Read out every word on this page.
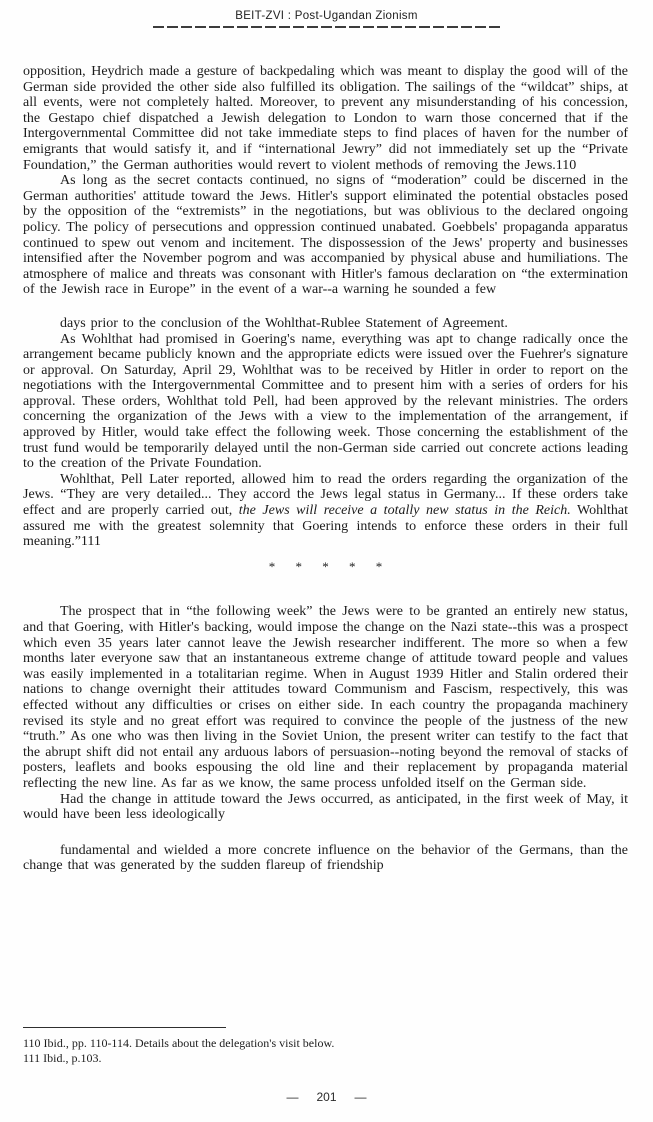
BEIT-ZVI : Post-Ugandan Zionism

opposition, Heydrich made a gesture of backpedaling which was meant to display the good will of the German side provided the other side also fulfilled its obligation. The sailings of the “wildcat” ships, at all events, were not completely halted. Moreover, to prevent any misunderstanding of his concession, the Gestapo chief dispatched a Jewish delegation to London to warn those concerned that if the Intergovernmental Committee did not take immediate steps to find places of haven for the number of emigrants that would satisfy it, and if “international Jewry” did not immediately set up the “Private Foundation,” the German authorities would revert to violent methods of removing the Jews.110

As long as the secret contacts continued, no signs of “moderation” could be discerned in the German authorities' attitude toward the Jews. Hitler's support eliminated the potential obstacles posed by the opposition of the “extremists” in the negotiations, but was oblivious to the declared ongoing policy. The policy of persecutions and oppression continued unabated. Goebbels' propaganda apparatus continued to spew out venom and incitement. The dispossession of the Jews' property and businesses intensified after the November pogrom and was accompanied by physical abuse and humiliations. The atmosphere of malice and threats was consonant with Hitler's famous declaration on “the extermination of the Jewish race in Europe” in the event of a war--a warning he sounded a few

days prior to the conclusion of the Wohlthat-Rublee Statement of Agreement.

As Wohlthat had promised in Goering's name, everything was apt to change radically once the arrangement became publicly known and the appropriate edicts were issued over the Fuehrer's signature or approval. On Saturday, April 29, Wohlthat was to be received by Hitler in order to report on the negotiations with the Intergovernmental Committee and to present him with a series of orders for his approval. These orders, Wohlthat told Pell, had been approved by the relevant ministries. The orders concerning the organization of the Jews with a view to the implementation of the arrangement, if approved by Hitler, would take effect the following week. Those concerning the establishment of the trust fund would be temporarily delayed until the non-German side carried out concrete actions leading to the creation of the Private Foundation.

Wohlthat, Pell Later reported, allowed him to read the orders regarding the organization of the Jews. “They are very detailed... They accord the Jews legal status in Germany... If these orders take effect and are properly carried out, the Jews will receive a totally new status in the Reich. Wohlthat assured me with the greatest solemnity that Goering intends to enforce these orders in their full meaning.”111

* * * * *

The prospect that in “the following week” the Jews were to be granted an entirely new status, and that Goering, with Hitler's backing, would impose the change on the Nazi state--this was a prospect which even 35 years later cannot leave the Jewish researcher indifferent. The more so when a few months later everyone saw that an instantaneous extreme change of attitude toward people and values was easily implemented in a totalitarian regime. When in August 1939 Hitler and Stalin ordered their nations to change overnight their attitudes toward Communism and Fascism, respectively, this was effected without any difficulties or crises on either side. In each country the propaganda machinery revised its style and no great effort was required to convince the people of the justness of the new “truth.” As one who was then living in the Soviet Union, the present writer can testify to the fact that the abrupt shift did not entail any arduous labors of persuasion--noting beyond the removal of stacks of posters, leaflets and books espousing the old line and their replacement by propaganda material reflecting the new line. As far as we know, the same process unfolded itself on the German side.

Had the change in attitude toward the Jews occurred, as anticipated, in the first week of May, it would have been less ideologically

fundamental and wielded a more concrete influence on the behavior of the Germans, than the change that was generated by the sudden flareup of friendship

110 Ibid., pp. 110-114. Details about the delegation's visit below.
111 Ibid., p.103.
— 201 —
